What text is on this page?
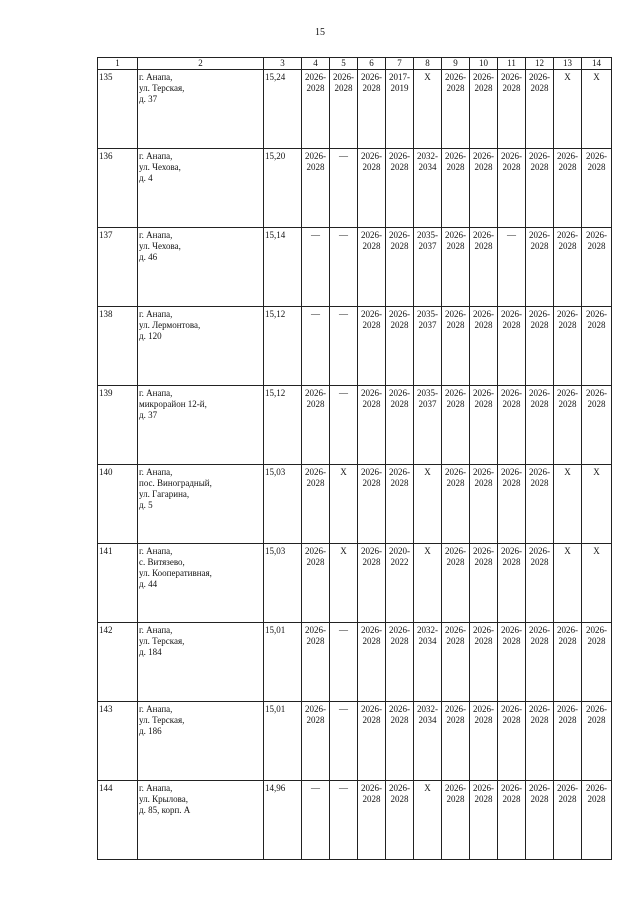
15
1	2	3	4	5	6	7	8	9	10	11	12	13	14
135	г. Анапа,
ул. Терская,
д. 37	15,24	2026-
2028	2026-
2028	2026-
2028	2017-
2019	X	2026-
2028	2026-
2028	2026-
2028	2026-
2028	X	X
136	г. Анапа,
ул. Чехова,
д. 4	15,20	2026-
2028	—	2026-
2028	2026-
2028	2032-
2034	2026-
2028	2026-
2028	2026-
2028	2026-
2028	2026-
2028	2026-
2028
137	г. Анапа,
ул. Чехова,
д. 46	15,14	—	—	2026-
2028	2026-
2028	2035-
2037	2026-
2028	2026-
2028	—	2026-
2028	2026-
2028	2026-
2028
138	г. Анапа,
ул. Лермонтова,
д. 120	15,12	—	—	2026-
2028	2026-
2028	2035-
2037	2026-
2028	2026-
2028	2026-
2028	2026-
2028	2026-
2028	2026-
2028
139	г. Анапа,
микрорайон 12-й,
д. 37	15,12	2026-
2028	—	2026-
2028	2026-
2028	2035-
2037	2026-
2028	2026-
2028	2026-
2028	2026-
2028	2026-
2028	2026-
2028
140	г. Анапа,
пос. Виноградный,
ул. Гагарина,
д. 5	15,03	2026-
2028	X	2026-
2028	2026-
2028	X	2026-
2028	2026-
2028	2026-
2028	2026-
2028	X	X
141	г. Анапа,
с. Витязево,
ул. Кооперативная,
д. 44	15,03	2026-
2028	X	2026-
2028	2020-
2022	X	2026-
2028	2026-
2028	2026-
2028	2026-
2028	X	X
142	г. Анапа,
ул. Терская,
д. 184	15,01	2026-
2028	—	2026-
2028	2026-
2028	2032-
2034	2026-
2028	2026-
2028	2026-
2028	2026-
2028	2026-
2028	2026-
2028
143	г. Анапа,
ул. Терская,
д. 186	15,01	2026-
2028	—	2026-
2028	2026-
2028	2032-
2034	2026-
2028	2026-
2028	2026-
2028	2026-
2028	2026-
2028	2026-
2028
144	г. Анапа,
ул. Крылова,
д. 85, корп. А	14,96	—	—	2026-
2028	2026-
2028	X	2026-
2028	2026-
2028	2026-
2028	2026-
2028	2026-
2028	2026-
2028
